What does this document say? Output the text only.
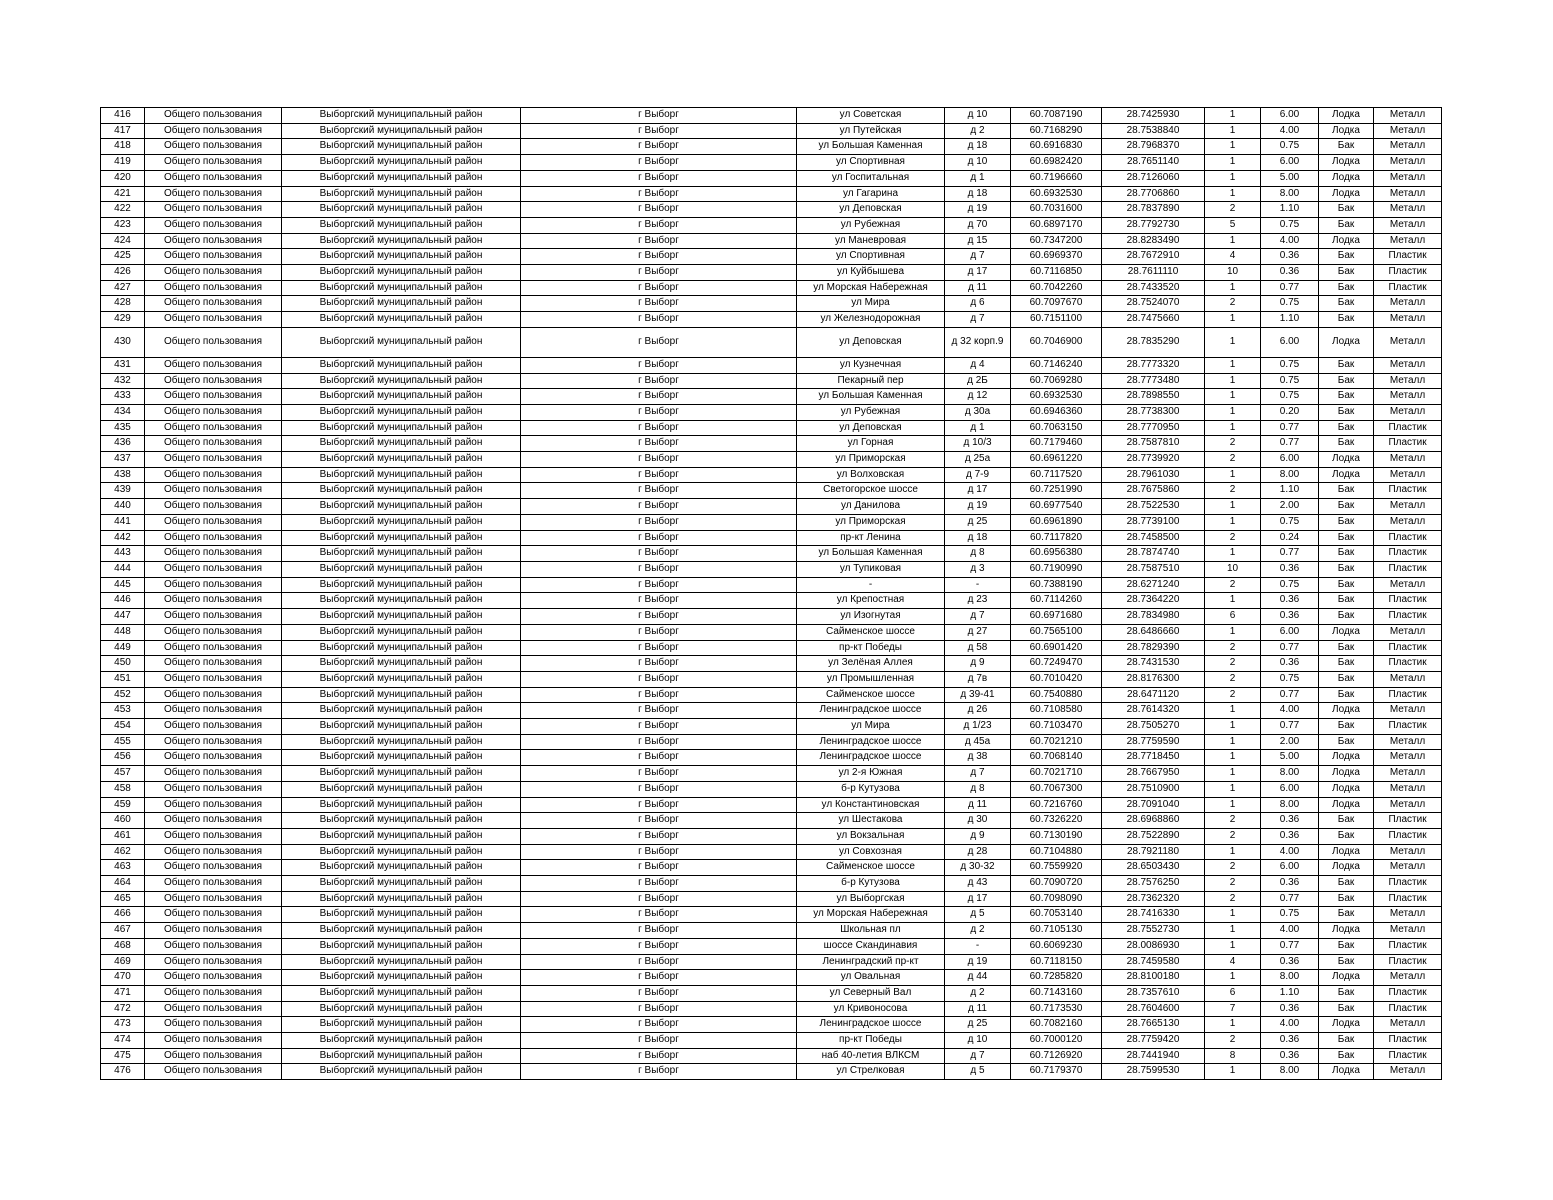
416	Общего пользования	Выборгский муниципальный район	г Выборг	ул Советская	д 10	60.7087190	28.7425930	1	6.00	Лодка	Металл
417	Общего пользования	Выборгский муниципальный район	г Выборг	ул Путейская	д 2	60.7168290	28.7538840	1	4.00	Лодка	Металл
418	Общего пользования	Выборгский муниципальный район	г Выборг	ул Большая Каменная	д 18	60.6916830	28.7968370	1	0.75	Бак	Металл
419	Общего пользования	Выборгский муниципальный район	г Выборг	ул Спортивная	д 10	60.6982420	28.7651140	1	6.00	Лодка	Металл
420	Общего пользования	Выборгский муниципальный район	г Выборг	ул Госпитальная	д 1	60.7196660	28.7126060	1	5.00	Лодка	Металл
421	Общего пользования	Выборгский муниципальный район	г Выборг	ул Гагарина	д 18	60.6932530	28.7706860	1	8.00	Лодка	Металл
422	Общего пользования	Выборгский муниципальный район	г Выборг	ул Деповская	д 19	60.7031600	28.7837890	2	1.10	Бак	Металл
423	Общего пользования	Выборгский муниципальный район	г Выборг	ул Рубежная	д 70	60.6897170	28.7792730	5	0.75	Бак	Металл
424	Общего пользования	Выборгский муниципальный район	г Выборг	ул Маневровая	д 15	60.7347200	28.8283490	1	4.00	Лодка	Металл
425	Общего пользования	Выборгский муниципальный район	г Выборг	ул Спортивная	д 7	60.6969370	28.7672910	4	0.36	Бак	Пластик
426	Общего пользования	Выборгский муниципальный район	г Выборг	ул Куйбышева	д 17	60.7116850	28.7611110	10	0.36	Бак	Пластик
427	Общего пользования	Выборгский муниципальный район	г Выборг	ул Морская Набережная	д 11	60.7042260	28.7433520	1	0.77	Бак	Пластик
428	Общего пользования	Выборгский муниципальный район	г Выборг	ул Мира	д 6	60.7097670	28.7524070	2	0.75	Бак	Металл
429	Общего пользования	Выборгский муниципальный район	г Выборг	ул Железнодорожная	д 7	60.7151100	28.7475660	1	1.10	Бак	Металл
430	Общего пользования	Выборгский муниципальный район	г Выборг	ул Деповская	д 32 корп.9	60.7046900	28.7835290	1	6.00	Лодка	Металл
431	Общего пользования	Выборгский муниципальный район	г Выборг	ул Кузнечная	д 4	60.7146240	28.7773320	1	0.75	Бак	Металл
432	Общего пользования	Выборгский муниципальный район	г Выборг	Пекарный пер	д 2Б	60.7069280	28.7773480	1	0.75	Бак	Металл
433	Общего пользования	Выборгский муниципальный район	г Выборг	ул Большая Каменная	д 12	60.6932530	28.7898550	1	0.75	Бак	Металл
434	Общего пользования	Выборгский муниципальный район	г Выборг	ул Рубежная	д 30а	60.6946360	28.7738300	1	0.20	Бак	Металл
435	Общего пользования	Выборгский муниципальный район	г Выборг	ул Деповская	д 1	60.7063150	28.7770950	1	0.77	Бак	Пластик
436	Общего пользования	Выборгский муниципальный район	г Выборг	ул Горная	д 10/3	60.7179460	28.7587810	2	0.77	Бак	Пластик
437	Общего пользования	Выборгский муниципальный район	г Выборг	ул Приморская	д 25а	60.6961220	28.7739920	2	6.00	Лодка	Металл
438	Общего пользования	Выборгский муниципальный район	г Выборг	ул Волховская	д 7-9	60.7117520	28.7961030	1	8.00	Лодка	Металл
439	Общего пользования	Выборгский муниципальный район	г Выборг	Светогорское шоссе	д 17	60.7251990	28.7675860	2	1.10	Бак	Пластик
440	Общего пользования	Выборгский муниципальный район	г Выборг	ул Данилова	д 19	60.6977540	28.7522530	1	2.00	Бак	Металл
441	Общего пользования	Выборгский муниципальный район	г Выборг	ул Приморская	д 25	60.6961890	28.7739100	1	0.75	Бак	Металл
442	Общего пользования	Выборгский муниципальный район	г Выборг	пр-кт Ленина	д 18	60.7117820	28.7458500	2	0.24	Бак	Пластик
443	Общего пользования	Выборгский муниципальный район	г Выборг	ул Большая Каменная	д 8	60.6956380	28.7874740	1	0.77	Бак	Пластик
444	Общего пользования	Выборгский муниципальный район	г Выборг	ул Тупиковая	д 3	60.7190990	28.7587510	10	0.36	Бак	Пластик
445	Общего пользования	Выборгский муниципальный район	г Выборг	-	-	60.7388190	28.6271240	2	0.75	Бак	Металл
446	Общего пользования	Выборгский муниципальный район	г Выборг	ул Крепостная	д 23	60.7114260	28.7364220	1	0.36	Бак	Пластик
447	Общего пользования	Выборгский муниципальный район	г Выборг	ул Изогнутая	д 7	60.6971680	28.7834980	6	0.36	Бак	Пластик
448	Общего пользования	Выборгский муниципальный район	г Выборг	Сайменское шоссе	д 27	60.7565100	28.6486660	1	6.00	Лодка	Металл
449	Общего пользования	Выборгский муниципальный район	г Выборг	пр-кт Победы	д 58	60.6901420	28.7829390	2	0.77	Бак	Пластик
450	Общего пользования	Выборгский муниципальный район	г Выборг	ул Зелёная Аллея	д 9	60.7249470	28.7431530	2	0.36	Бак	Пластик
451	Общего пользования	Выборгский муниципальный район	г Выборг	ул Промышленная	д 7в	60.7010420	28.8176300	2	0.75	Бак	Металл
452	Общего пользования	Выборгский муниципальный район	г Выборг	Сайменское шоссе	д 39-41	60.7540880	28.6471120	2	0.77	Бак	Пластик
453	Общего пользования	Выборгский муниципальный район	г Выборг	Ленинградское шоссе	д 26	60.7108580	28.7614320	1	4.00	Лодка	Металл
454	Общего пользования	Выборгский муниципальный район	г Выборг	ул Мира	д 1/23	60.7103470	28.7505270	1	0.77	Бак	Пластик
455	Общего пользования	Выборгский муниципальный район	г Выборг	Ленинградское шоссе	д 45а	60.7021210	28.7759590	1	2.00	Бак	Металл
456	Общего пользования	Выборгский муниципальный район	г Выборг	Ленинградское шоссе	д 38	60.7068140	28.7718450	1	5.00	Лодка	Металл
457	Общего пользования	Выборгский муниципальный район	г Выборг	ул 2-я Южная	д 7	60.7021710	28.7667950	1	8.00	Лодка	Металл
458	Общего пользования	Выборгский муниципальный район	г Выборг	б-р Кутузова	д 8	60.7067300	28.7510900	1	6.00	Лодка	Металл
459	Общего пользования	Выборгский муниципальный район	г Выборг	ул Константиновская	д 11	60.7216760	28.7091040	1	8.00	Лодка	Металл
460	Общего пользования	Выборгский муниципальный район	г Выборг	ул Шестакова	д 30	60.7326220	28.6968860	2	0.36	Бак	Пластик
461	Общего пользования	Выборгский муниципальный район	г Выборг	ул Вокзальная	д 9	60.7130190	28.7522890	2	0.36	Бак	Пластик
462	Общего пользования	Выборгский муниципальный район	г Выборг	ул Совхозная	д 28	60.7104880	28.7921180	1	4.00	Лодка	Металл
463	Общего пользования	Выборгский муниципальный район	г Выборг	Сайменское шоссе	д 30-32	60.7559920	28.6503430	2	6.00	Лодка	Металл
464	Общего пользования	Выборгский муниципальный район	г Выборг	б-р Кутузова	д 43	60.7090720	28.7576250	2	0.36	Бак	Пластик
465	Общего пользования	Выборгский муниципальный район	г Выборг	ул Выборгская	д 17	60.7098090	28.7362320	2	0.77	Бак	Пластик
466	Общего пользования	Выборгский муниципальный район	г Выборг	ул Морская Набережная	д 5	60.7053140	28.7416330	1	0.75	Бак	Металл
467	Общего пользования	Выборгский муниципальный район	г Выборг	Школьная пл	д 2	60.7105130	28.7552730	1	4.00	Лодка	Металл
468	Общего пользования	Выборгский муниципальный район	г Выборг	шоссе Скандинавия	-	60.6069230	28.0086930	1	0.77	Бак	Пластик
469	Общего пользования	Выборгский муниципальный район	г Выборг	Ленинградский пр-кт	д 19	60.7118150	28.7459580	4	0.36	Бак	Пластик
470	Общего пользования	Выборгский муниципальный район	г Выборг	ул Овальная	д 44	60.7285820	28.8100180	1	8.00	Лодка	Металл
471	Общего пользования	Выборгский муниципальный район	г Выборг	ул Северный Вал	д 2	60.7143160	28.7357610	6	1.10	Бак	Пластик
472	Общего пользования	Выборгский муниципальный район	г Выборг	ул Кривоносова	д 11	60.7173530	28.7604600	7	0.36	Бак	Пластик
473	Общего пользования	Выборгский муниципальный район	г Выборг	Ленинградское шоссе	д 25	60.7082160	28.7665130	1	4.00	Лодка	Металл
474	Общего пользования	Выборгский муниципальный район	г Выборг	пр-кт Победы	д 10	60.7000120	28.7759420	2	0.36	Бак	Пластик
475	Общего пользования	Выборгский муниципальный район	г Выборг	наб 40-летия ВЛКСМ	д 7	60.7126920	28.7441940	8	0.36	Бак	Пластик
476	Общего пользования	Выборгский муниципальный район	г Выборг	ул Стрелковая	д 5	60.7179370	28.7599530	1	8.00	Лодка	Металл
